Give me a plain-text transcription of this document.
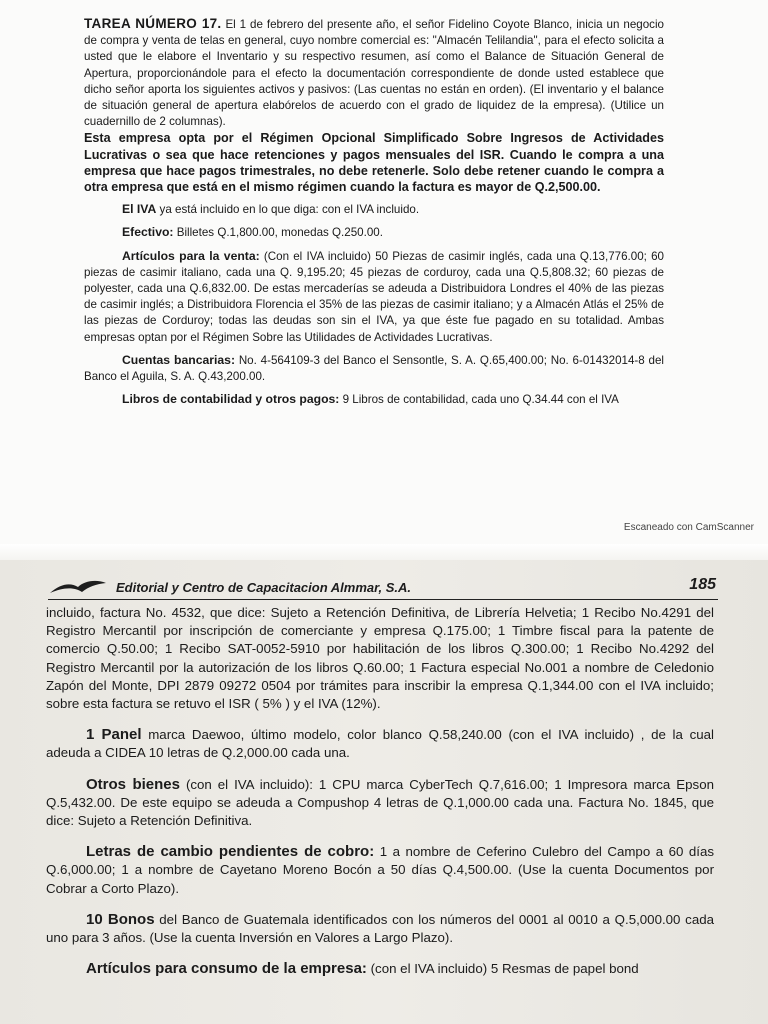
TAREA NÚMERO 17. El 1 de febrero del presente año, el señor Fidelino Coyote Blanco, inicia un negocio de compra y venta de telas en general, cuyo nombre comercial es: "Almacén Telilandia", para el efecto solicita a usted que le elabore el Inventario y su respectivo resumen, así como el Balance de Situación General de Apertura, proporcionándole para el efecto la documentación correspondiente de donde usted establece que dicho señor aporta los siguientes activos y pasivos: (Las cuentas no están en orden). (El inventario y el balance de situación general de apertura elabórelos de acuerdo con el grado de liquidez de la empresa). (Utilice un cuadernillo de 2 columnas).

Esta empresa opta por el Régimen Opcional Simplificado Sobre Ingresos de Actividades Lucrativas o sea que hace retenciones y pagos mensuales del ISR. Cuando le compra a una empresa que hace pagos trimestrales, no debe retenerle. Solo debe retener cuando le compra a otra empresa que está en el mismo régimen cuando la factura es mayor de Q.2,500.00.

El IVA ya está incluido en lo que diga: con el IVA incluido.

Efectivo: Billetes Q.1,800.00, monedas Q.250.00.

Artículos para la venta: (Con el IVA incluido) 50 Piezas de casimir inglés, cada una Q.13,776.00; 60 piezas de casimir italiano, cada una Q. 9,195.20; 45 piezas de corduroy, cada una Q.5,808.32; 60 piezas de polyester, cada una Q.6,832.00. De estas mercaderías se adeuda a Distribuidora Londres el 40% de las piezas de casimir inglés; a Distribuidora Florencia el 35% de las piezas de casimir italiano; y a Almacén Atlás el 25% de las piezas de Corduroy; todas las deudas son sin el IVA, ya que éste fue pagado en su totalidad. Ambas empresas optan por el Régimen Sobre las Utilidades de Actividades Lucrativas.

Cuentas bancarias: No. 4-564109-3 del Banco el Sensontle, S. A. Q.65,400.00; No. 6-01432014-8 del Banco el Aguila, S. A. Q.43,200.00.

Libros de contabilidad y otros pagos: 9 Libros de contabilidad, cada uno Q.34.44 con el IVA

Escaneado con CamScanner
Editorial y Centro de Capacitacion Almmar, S.A.	185

incluido, factura No. 4532, que dice: Sujeto a Retención Definitiva, de Librería Helvetia; 1 Recibo No.4291 del Registro Mercantil por inscripción de comerciante y empresa Q.175.00; 1 Timbre fiscal para la patente de comercio Q.50.00; 1 Recibo SAT-0052-5910 por habilitación de los libros Q.300.00; 1 Recibo No.4292 del Registro Mercantil por la autorización de los libros Q.60.00; 1 Factura especial No.001 a nombre de Celedonio Zapón del Monte, DPI 2879 09272 0504 por trámites para inscribir la empresa Q.1,344.00 con el IVA incluido; sobre esta factura se retuvo el ISR ( 5% ) y el IVA (12%).

1 Panel marca Daewoo, último modelo, color blanco Q.58,240.00 (con el IVA incluido) , de la cual adeuda a CIDEA 10 letras de Q.2,000.00 cada una.

Otros bienes (con el IVA incluido): 1 CPU marca CyberTech Q.7,616.00; 1 Impresora marca Epson Q.5,432.00. De este equipo se adeuda a Compushop 4 letras de Q.1,000.00 cada una. Factura No. 1845, que dice: Sujeto a Retención Definitiva.

Letras de cambio pendientes de cobro: 1 a nombre de Ceferino Culebro del Campo a 60 días Q.6,000.00; 1 a nombre de Cayetano Moreno Bocón a 50 días Q.4,500.00. (Use la cuenta Documentos por Cobrar a Corto Plazo).

10 Bonos del Banco de Guatemala identificados con los números del 0001 al 0010 a Q.5,000.00 cada uno para 3 años. (Use la cuenta Inversión en Valores a Largo Plazo).

Artículos para consumo de la empresa: (con el IVA incluido) 5 Resmas de papel bond
